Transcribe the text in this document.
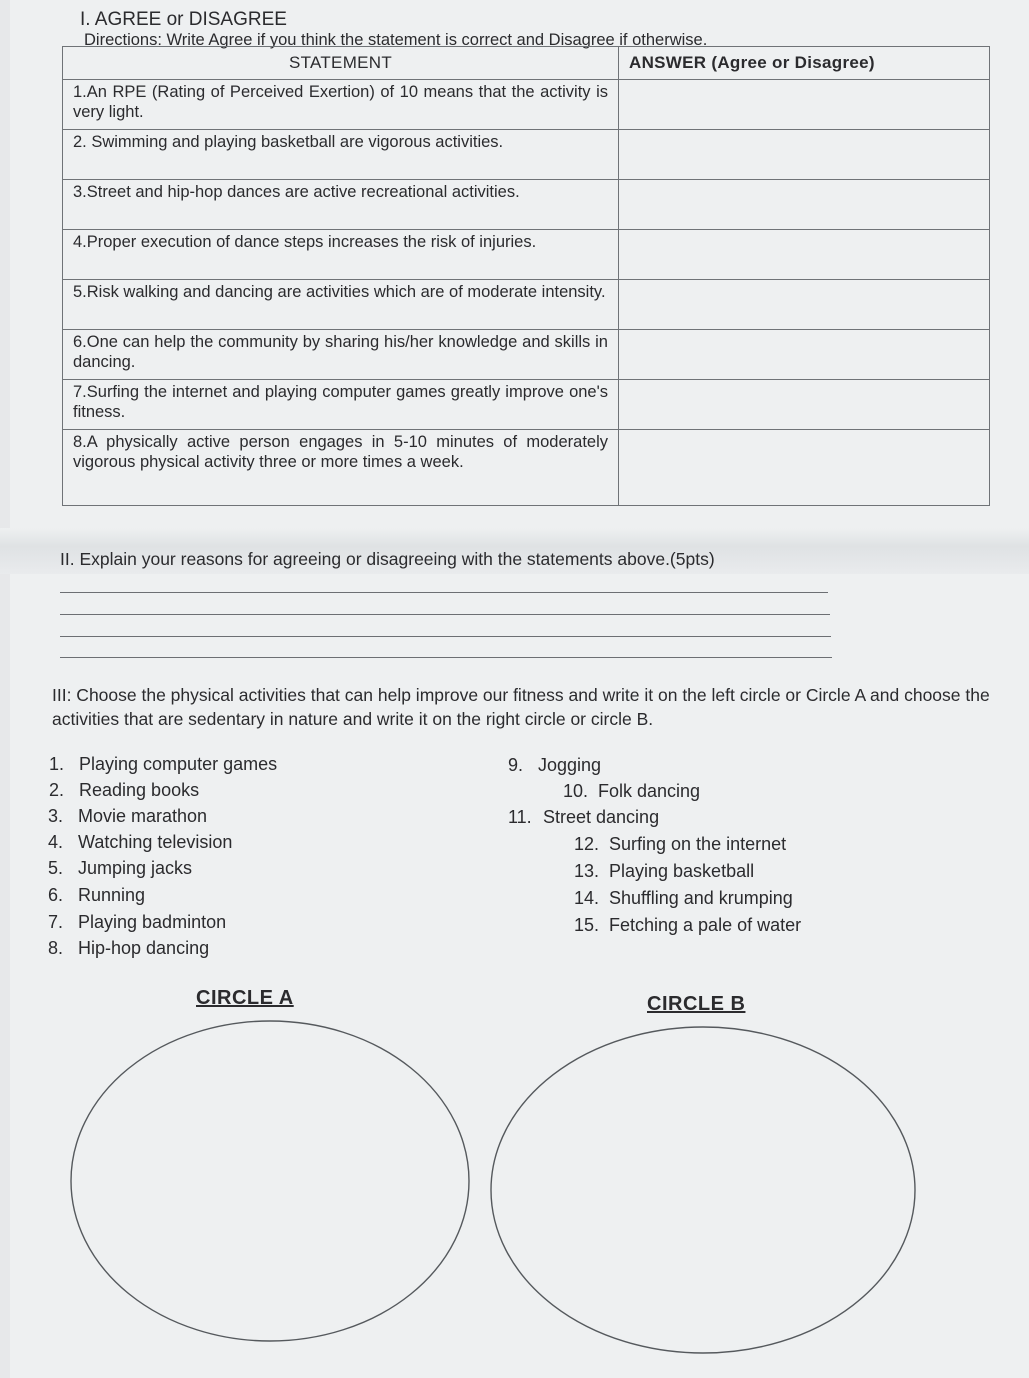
I. AGREE or DISAGREE
Directions: Write Agree if you think the statement is correct and Disagree if otherwise.
STATEMENT	ANSWER (Agree or Disagree)
1.An RPE (Rating of Perceived Exertion) of 10 means that the activity is very light.	
2. Swimming and playing basketball are vigorous activities.	
3.Street and hip-hop dances are active recreational activities.	
4.Proper execution of dance steps increases the risk of injuries.	
5.Risk walking and dancing are activities which are of moderate intensity.	
6.One can help the community by sharing his/her knowledge and skills in dancing.	
7.Surfing the internet and playing computer games greatly improve one's fitness.	
8.A physically active person engages in 5-10 minutes of moderately vigorous physical activity three or more times a week.	
II. Explain your reasons for agreeing or disagreeing with the statements above.(5pts)
III: Choose the physical activities that can help improve our fitness and write it on the left circle or Circle A and choose the activities that are sedentary in nature and write it on the right circle or circle B.
1. Playing computer games
2. Reading books
3. Movie marathon
4. Watching television
5. Jumping jacks
6. Running
7. Playing badminton
8. Hip-hop dancing
9. Jogging
10. Folk dancing
11. Street dancing
12. Surfing on the internet
13. Playing basketball
14. Shuffling and krumping
15. Fetching a pale of water
CIRCLE A	CIRCLE B
